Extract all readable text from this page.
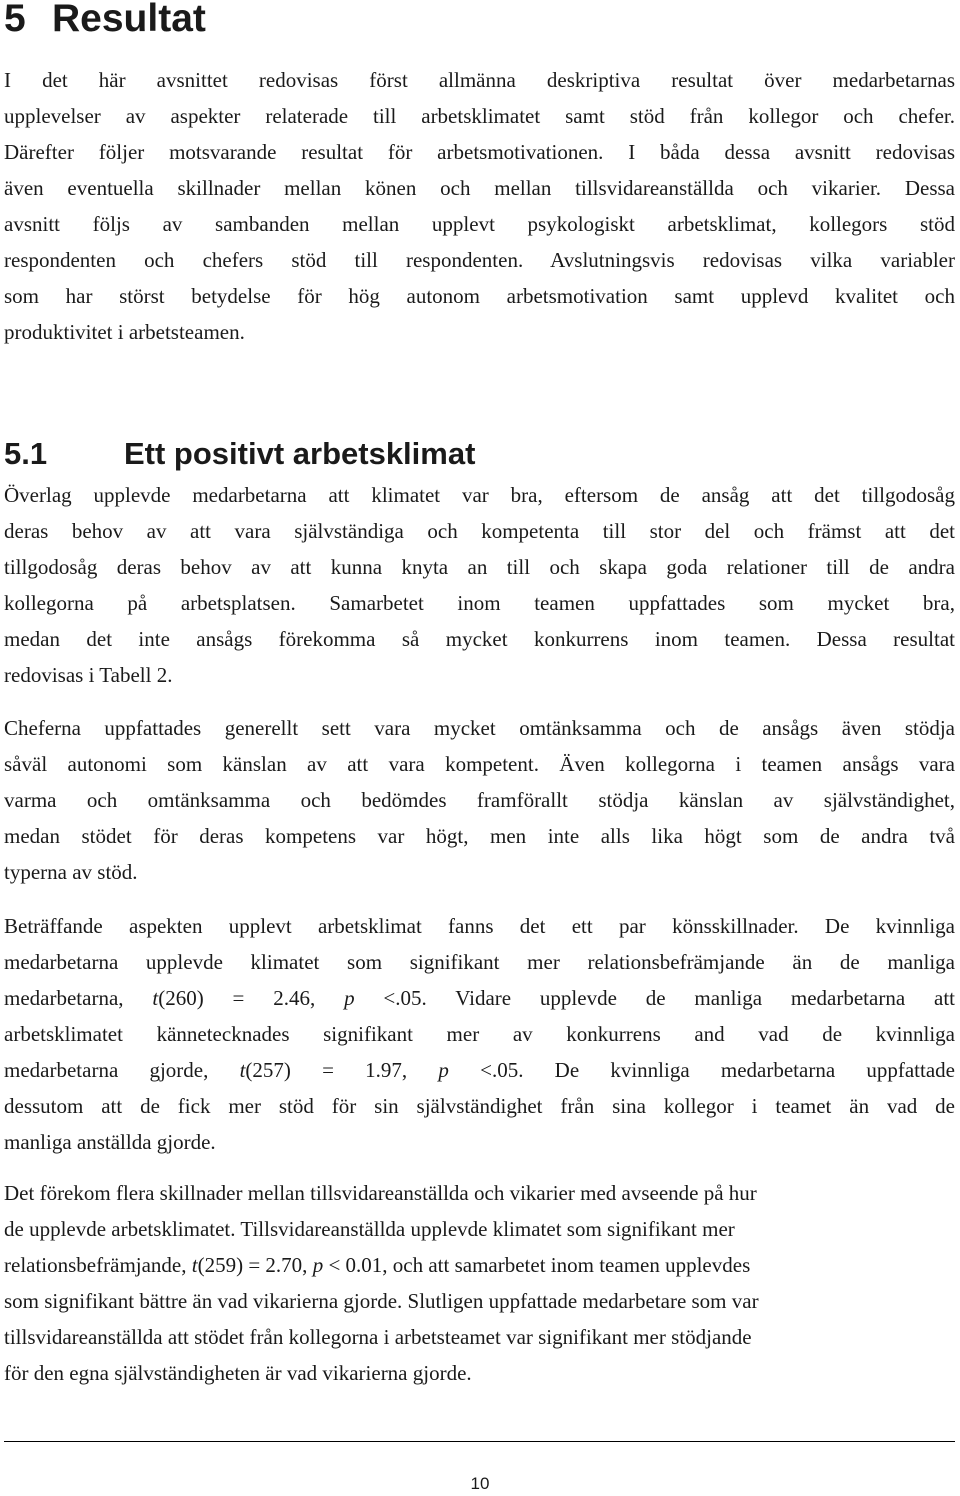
5 Resultat
I det här avsnittet redovisas först allmänna deskriptiva resultat över medarbetarnas
upplevelser av aspekter relaterade till arbetsklimatet samt stöd från kollegor och chefer.
Därefter följer motsvarande resultat för arbetsmotivationen. I båda dessa avsnitt redovisas
även eventuella skillnader mellan könen och mellan tillsvidareanställda och vikarier. Dessa
avsnitt följs av sambanden mellan upplevt psykologiskt arbetsklimat, kollegors stöd
respondenten och chefers stöd till respondenten. Avslutningsvis redovisas vilka variabler
som har störst betydelse för hög autonom arbetsmotivation samt upplevd kvalitet och
produktivitet i arbetsteamen.
5.1 Ett positivt arbetsklimat
Överlag upplevde medarbetarna att klimatet var bra, eftersom de ansåg att det tillgodosåg
deras behov av att vara självständiga och kompetenta till stor del och främst att det
tillgodosåg deras behov av att kunna knyta an till och skapa goda relationer till de andra
kollegorna på arbetsplatsen. Samarbetet inom teamen uppfattades som mycket bra,
medan det inte ansågs förekomma så mycket konkurrens inom teamen. Dessa resultat
redovisas i Tabell 2.
Cheferna uppfattades generellt sett vara mycket omtänksamma och de ansågs även stödja
såväl autonomi som känslan av att vara kompetent. Även kollegorna i teamen ansågs vara
varma och omtänksamma och bedömdes framförallt stödja känslan av självständighet,
medan stödet för deras kompetens var högt, men inte alls lika högt som de andra två
typerna av stöd.
Beträffande aspekten upplevt arbetsklimat fanns det ett par könsskillnader. De kvinnliga
medarbetarna upplevde klimatet som signifikant mer relationsbefrämjande än de manliga
medarbetarna, t(260) = 2.46, p <.05. Vidare upplevde de manliga medarbetarna att
arbetsklimatet kännetecknades signifikant mer av konkurrens and vad de kvinnliga
medarbetarna gjorde, t(257) = 1.97, p <.05. De kvinnliga medarbetarna uppfattade
dessutom att de fick mer stöd för sin självständighet från sina kollegor i teamet än vad de
manliga anställda gjorde.
Det förekom flera skillnader mellan tillsvidareanställda och vikarier med avseende på hur
de upplevde arbetsklimatet. Tillsvidareanställda upplevde klimatet som signifikant mer
relationsbefrämjande, t(259) = 2.70, p < 0.01, och att samarbetet inom teamen upplevdes
som signifikant bättre än vad vikarierna gjorde. Slutligen uppfattade medarbetare som var
tillsvidareanställda att stödet från kollegorna i arbetsteamet var signifikant mer stödjande
för den egna självständigheten är vad vikarierna gjorde.
10
